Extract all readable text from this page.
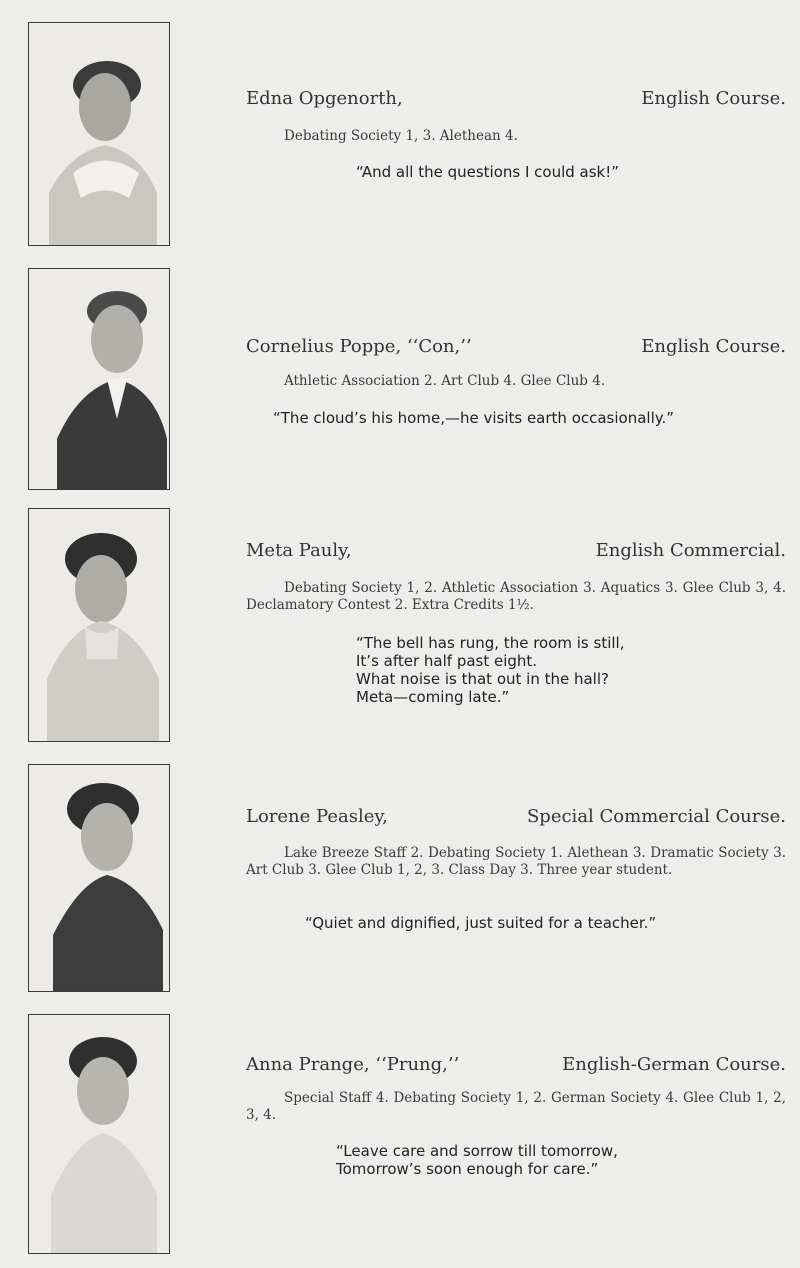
Edna Opgenorth,	English Course.
Debating Society 1, 3. Alethean 4.
“And all the questions I could ask!”
Cornelius Poppe, ‘‘Con,’’	English Course.
Athletic Association 2. Art Club 4. Glee Club 4.
“The cloud’s his home,—he visits earth occasionally.”
Meta Pauly,	English Commercial.
Debating Society 1, 2. Athletic Association 3. Aquatics 3. Glee Club 3, 4. Declamatory Contest 2. Extra Credits 1½.
“The bell has rung, the room is still,
It’s after half past eight.
What noise is that out in the hall?
Meta—coming late.”
Lorene Peasley,	Special Commercial Course.
Lake Breeze Staff 2. Debating Society 1. Alethean 3. Dramatic Society 3. Art Club 3. Glee Club 1, 2, 3. Class Day 3. Three year student.
“Quiet and dignified, just suited for a teacher.”
Anna Prange, ‘‘Prung,’’	English-German Course.
Special Staff 4. Debating Society 1, 2. German Society 4. Glee Club 1, 2, 3, 4.
“Leave care and sorrow till tomorrow,
Tomorrow’s soon enough for care.”
